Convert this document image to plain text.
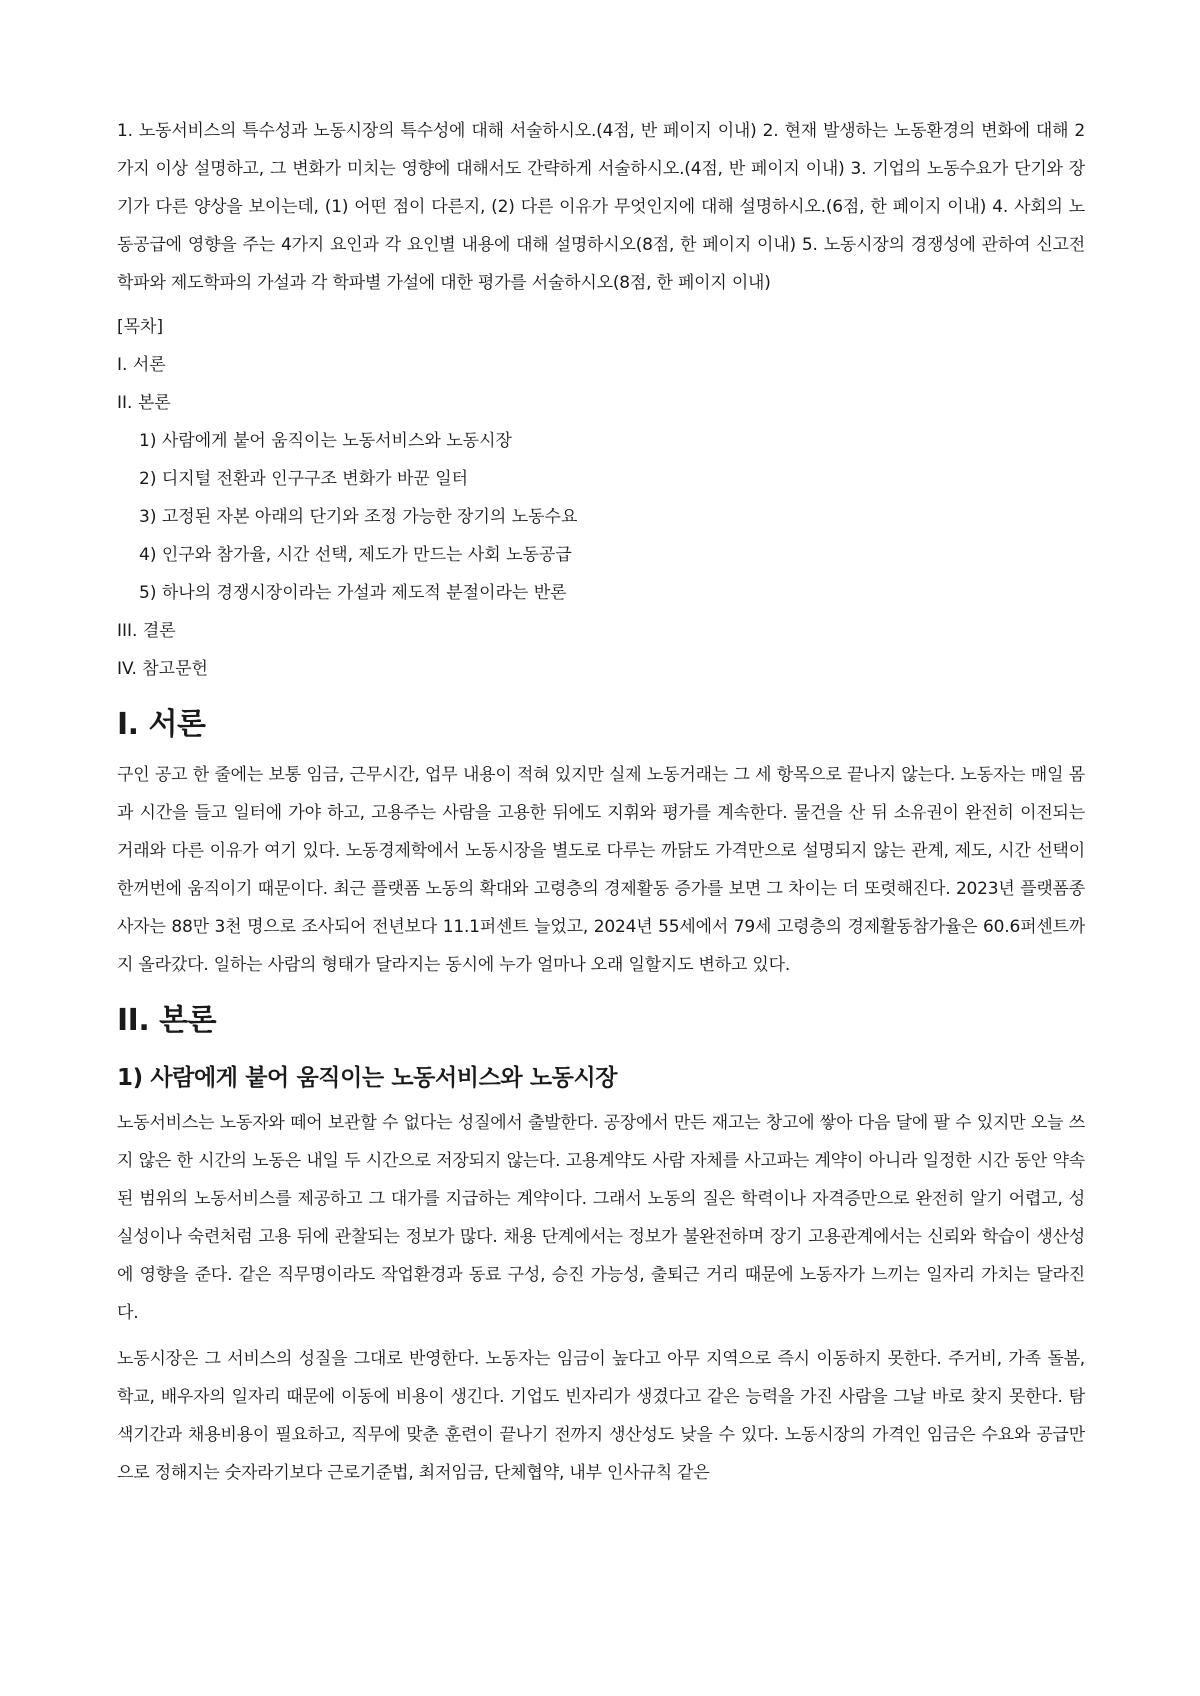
1. 노동서비스의 특수성과 노동시장의 특수성에 대해 서술하시오.(4점, 반 페이지 이내) 2. 현재 발생하는 노동환경의 변화에 대해 2가지 이상 설명하고, 그 변화가 미치는 영향에 대해서도 간략하게 서술하시오.(4점, 반 페이지 이내) 3. 기업의 노동수요가 단기와 장기가 다른 양상을 보이는데, (1) 어떤 점이 다른지, (2) 다른 이유가 무엇인지에 대해 설명하시오.(6점, 한 페이지 이내) 4. 사회의 노동공급에 영향을 주는 4가지 요인과 각 요인별 내용에 대해 설명하시오(8점, 한 페이지 이내) 5. 노동시장의 경쟁성에 관하여 신고전학파와 제도학파의 가설과 각 학파별 가설에 대한 평가를 서술하시오(8점, 한 페이지 이내)

[목차]

I. 서론
II. 본론
1) 사람에게 붙어 움직이는 노동서비스와 노동시장
2) 디지털 전환과 인구구조 변화가 바꾼 일터
3) 고정된 자본 아래의 단기와 조정 가능한 장기의 노동수요
4) 인구와 참가율, 시간 선택, 제도가 만드는 사회 노동공급
5) 하나의 경쟁시장이라는 가설과 제도적 분절이라는 반론
III. 결론
IV. 참고문헌
I. 서론

구인 공고 한 줄에는 보통 임금, 근무시간, 업무 내용이 적혀 있지만 실제 노동거래는 그 세 항목으로 끝나지 않는다. 노동자는 매일 몸과 시간을 들고 일터에 가야 하고, 고용주는 사람을 고용한 뒤에도 지휘와 평가를 계속한다. 물건을 산 뒤 소유권이 완전히 이전되는 거래와 다른 이유가 여기 있다. 노동경제학에서 노동시장을 별도로 다루는 까닭도 가격만으로 설명되지 않는 관계, 제도, 시간 선택이 한꺼번에 움직이기 때문이다. 최근 플랫폼 노동의 확대와 고령층의 경제활동 증가를 보면 그 차이는 더 또렷해진다. 2023년 플랫폼종사자는 88만 3천 명으로 조사되어 전년보다 11.1퍼센트 늘었고, 2024년 55세에서 79세 고령층의 경제활동참가율은 60.6퍼센트까지 올라갔다. 일하는 사람의 형태가 달라지는 동시에 누가 얼마나 오래 일할지도 변하고 있다.

II. 본론
1) 사람에게 붙어 움직이는 노동서비스와 노동시장

노동서비스는 노동자와 떼어 보관할 수 없다는 성질에서 출발한다. 공장에서 만든 재고는 창고에 쌓아 다음 달에 팔 수 있지만 오늘 쓰지 않은 한 시간의 노동은 내일 두 시간으로 저장되지 않는다. 고용계약도 사람 자체를 사고파는 계약이 아니라 일정한 시간 동안 약속된 범위의 노동서비스를 제공하고 그 대가를 지급하는 계약이다. 그래서 노동의 질은 학력이나 자격증만으로 완전히 알기 어렵고, 성실성이나 숙련처럼 고용 뒤에 관찰되는 정보가 많다. 채용 단계에서는 정보가 불완전하며 장기 고용관계에서는 신뢰와 학습이 생산성에 영향을 준다. 같은 직무명이라도 작업환경과 동료 구성, 승진 가능성, 출퇴근 거리 때문에 노동자가 느끼는 일자리 가치는 달라진다.

노동시장은 그 서비스의 성질을 그대로 반영한다. 노동자는 임금이 높다고 아무 지역으로 즉시 이동하지 못한다. 주거비, 가족 돌봄, 학교, 배우자의 일자리 때문에 이동에 비용이 생긴다. 기업도 빈자리가 생겼다고 같은 능력을 가진 사람을 그날 바로 찾지 못한다. 탐색기간과 채용비용이 필요하고, 직무에 맞춘 훈련이 끝나기 전까지 생산성도 낮을 수 있다. 노동시장의 가격인 임금은 수요와 공급만으로 정해지는 숫자라기보다 근로기준법, 최저임금, 단체협약, 내부 인사규칙 같은
